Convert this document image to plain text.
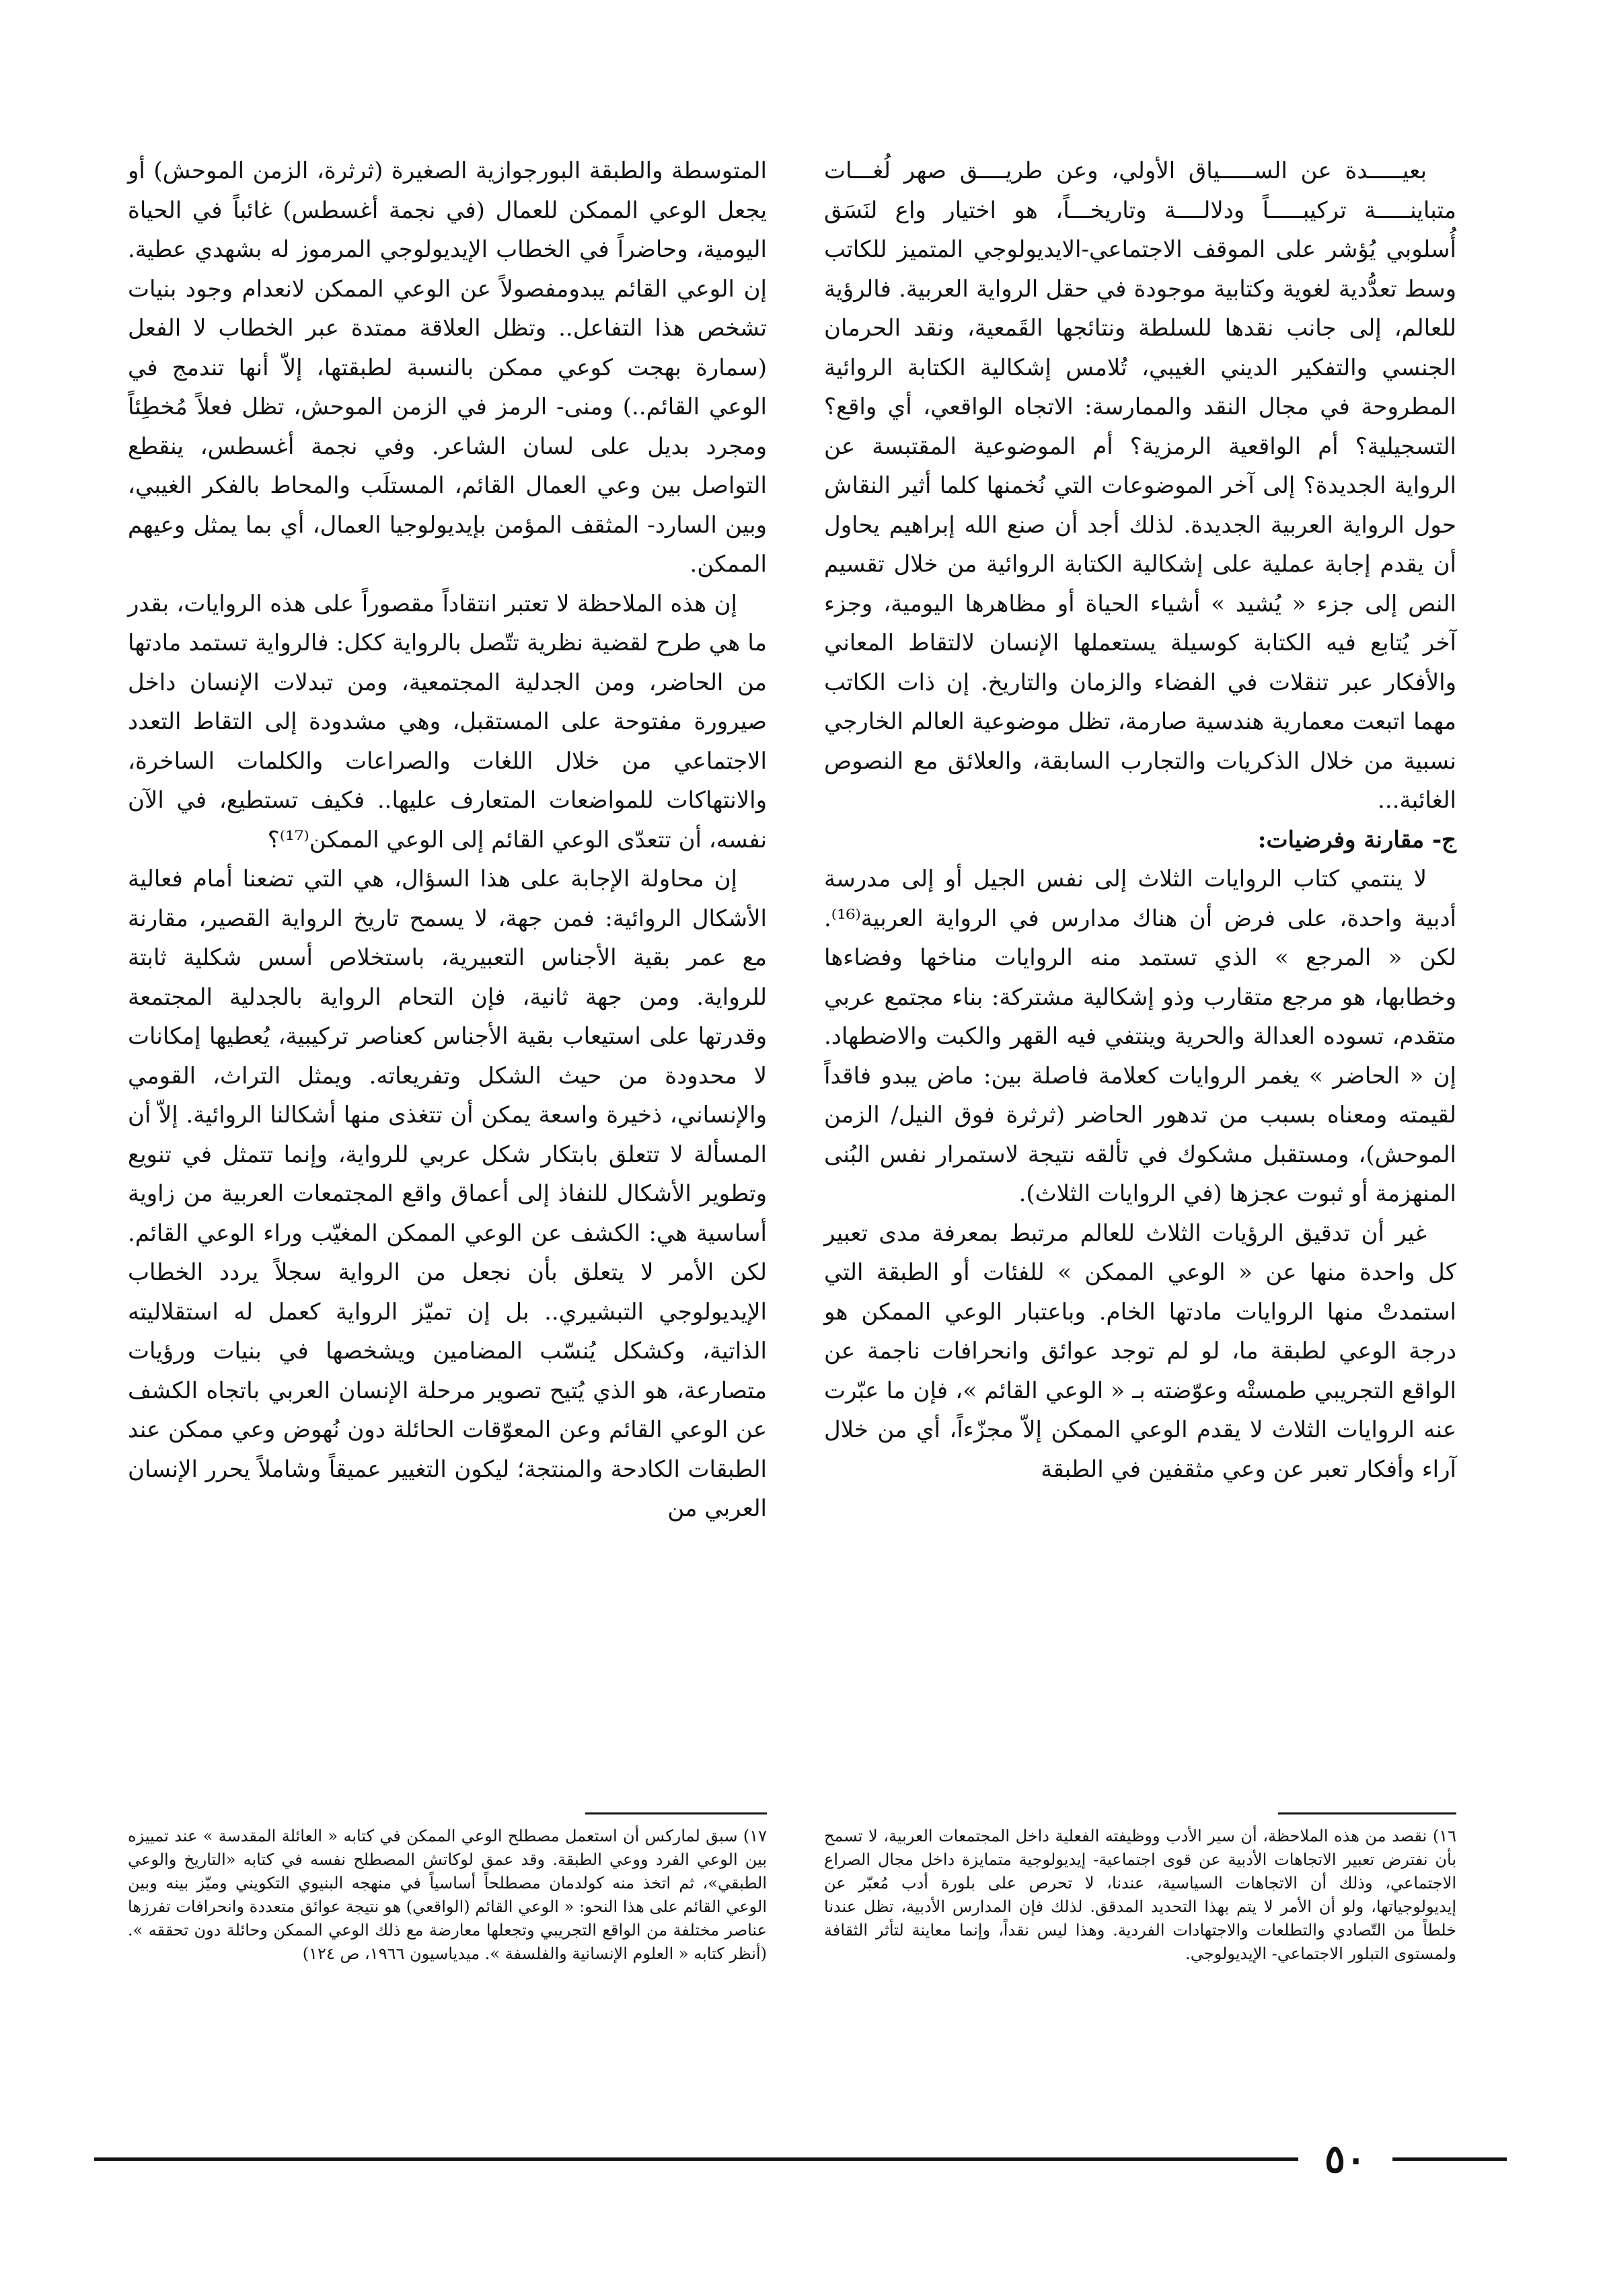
بعيـــــدة عن الســـــياق الأولي، وعن طريــــق صهر لُغـــات متباينـــــة تركيبـــــاً ودلالــــة وتاريخـــاً، هو اختيار واع لنَسَق أُسلوبي يُؤشر على الموقف الاجتماعي-الايديولوجي المتميز للكاتب وسط تعدُّدية لغوية وكتابية موجودة في حقل الرواية العربية. فالرؤية للعالم، إلى جانب نقدها للسلطة ونتائجها القَمعية، ونقد الحرمان الجنسي والتفكير الديني الغيبي، تُلامس إشكالية الكتابة الروائية المطروحة في مجال النقد والممارسة: الاتجاه الواقعي، أي واقع؟ التسجيلية؟ أم الواقعية الرمزية؟ أم الموضوعية المقتبسة عن الرواية الجديدة؟ إلى آخر الموضوعات التي نُخمنها كلما أثير النقاش حول الرواية العربية الجديدة. لذلك أجد أن صنع الله إبراهيم يحاول أن يقدم إجابة عملية على إشكالية الكتابة الروائية من خلال تقسيم النص إلى جزء « يُشيد » أشياء الحياة أو مظاهرها اليومية، وجزء آخر يُتابع فيه الكتابة كوسيلة يستعملها الإنسان لالتقاط المعاني والأفكار عبر تنقلات في الفضاء والزمان والتاريخ. إن ذات الكاتب مهما اتبعت معمارية هندسية صارمة، تظل موضوعية العالم الخارجي نسبية من خلال الذكريات والتجارب السابقة، والعلائق مع النصوص الغائبة...

ج- مقارنة وفرضيات:

لا ينتمي كتاب الروايات الثلاث إلى نفس الجيل أو إلى مدرسة أدبية واحدة، على فرض أن هناك مدارس في الرواية العربية⁽¹⁶⁾. لكن « المرجع » الذي تستمد منه الروايات مناخها وفضاءها وخطابها، هو مرجع متقارب وذو إشكالية مشتركة: بناء مجتمع عربي متقدم، تسوده العدالة والحرية وينتفي فيه القهر والكبت والاضطهاد. إن « الحاضر » يغمر الروايات كعلامة فاصلة بين: ماض يبدو فاقداً لقيمته ومعناه بسبب من تدهور الحاضر (ثرثرة فوق النيل/ الزمن الموحش)، ومستقبل مشكوك في تألقه نتيجة لاستمرار نفس البُنى المنهزمة أو ثبوت عجزها (في الروايات الثلاث).

غير أن تدقيق الرؤيات الثلاث للعالم مرتبط بمعرفة مدى تعبير كل واحدة منها عن « الوعي الممكن » للفئات أو الطبقة التي استمدتْ منها الروايات مادتها الخام. وباعتبار الوعي الممكن هو درجة الوعي لطبقة ما، لو لم توجد عوائق وانحرافات ناجمة عن الواقع التجريبي طمستْه وعوّضته بـ « الوعي القائم »، فإن ما عبّرت عنه الروايات الثلاث لا يقدم الوعي الممكن إلاّ مجزّءاً، أي من خلال آراء وأفكار تعبر عن وعي مثقفين في الطبقة

المتوسطة والطبقة البورجوازية الصغيرة (ثرثرة، الزمن الموحش) أو يجعل الوعي الممكن للعمال (في نجمة أغسطس) غائباً في الحياة اليومية، وحاضراً في الخطاب الإيديولوجي المرموز له بشهدي عطية. إن الوعي القائم يبدومفصولاً عن الوعي الممكن لانعدام وجود بنيات تشخص هذا التفاعل.. وتظل العلاقة ممتدة عبر الخطاب لا الفعل (سمارة بهجت كوعي ممكن بالنسبة لطبقتها، إلاّ أنها تندمج في الوعي القائم..) ومنى- الرمز في الزمن الموحش، تظل فعلاً مُخطِئاً ومجرد بديل على لسان الشاعر. وفي نجمة أغسطس، ينقطع التواصل بين وعي العمال القائم، المستلَب والمحاط بالفكر الغيبي، وبين السارد- المثقف المؤمن بإيديولوجيا العمال، أي بما يمثل وعيهم الممكن.

إن هذه الملاحظة لا تعتبر انتقاداً مقصوراً على هذه الروايات، بقدر ما هي طرح لقضية نظرية تتّصل بالرواية ككل: فالرواية تستمد مادتها من الحاضر، ومن الجدلية المجتمعية، ومن تبدلات الإنسان داخل صيرورة مفتوحة على المستقبل، وهي مشدودة إلى التقاط التعدد الاجتماعي من خلال اللغات والصراعات والكلمات الساخرة، والانتهاكات للمواضعات المتعارف عليها.. فكيف تستطيع، في الآن نفسه، أن تتعدّى الوعي القائم إلى الوعي الممكن⁽¹⁷⁾؟

إن محاولة الإجابة على هذا السؤال، هي التي تضعنا أمام فعالية الأشكال الروائية: فمن جهة، لا يسمح تاريخ الرواية القصير، مقارنة مع عمر بقية الأجناس التعبيرية، باستخلاص أسس شكلية ثابتة للرواية. ومن جهة ثانية، فإن التحام الرواية بالجدلية المجتمعة وقدرتها على استيعاب بقية الأجناس كعناصر تركيبية، يُعطيها إمكانات لا محدودة من حيث الشكل وتفريعاته. ويمثل التراث، القومي والإنساني، ذخيرة واسعة يمكن أن تتغذى منها أشكالنا الروائية. إلاّ أن المسألة لا تتعلق بابتكار شكل عربي للرواية، وإنما تتمثل في تنويع وتطوير الأشكال للنفاذ إلى أعماق واقع المجتمعات العربية من زاوية أساسية هي: الكشف عن الوعي الممكن المغيّب وراء الوعي القائم. لكن الأمر لا يتعلق بأن نجعل من الرواية سجلاً يردد الخطاب الإيديولوجي التبشيري.. بل إن تميّز الرواية كعمل له استقلاليته الذاتية، وكشكل يُنسّب المضامين ويشخصها في بنيات ورؤيات متصارعة، هو الذي يُتيح تصوير مرحلة الإنسان العربي باتجاه الكشف عن الوعي القائم وعن المعوّقات الحائلة دون نُهوض وعي ممكن عند الطبقات الكادحة والمنتجة؛ ليكون التغيير عميقاً وشاملاً يحرر الإنسان العربي من

١٦) نقصد من هذه الملاحظة، أن سير الأدب ووظيفته الفعلية داخل المجتمعات العربية، لا تسمح بأن نفترض تعبير الاتجاهات الأدبية عن قوى اجتماعية- إيديولوجية متمايزة داخل مجال الصراع الاجتماعي، وذلك أن الاتجاهات السياسية، عندنا، لا تحرص على بلورة أدب مُعبّر عن إيديولوجياتها، ولو أن الأمر لا يتم بهذا التحديد المدقق. لذلك فإن المدارس الأدبية، تظل عندنا خلطاً من التّصادي والتطلعات والاجتهادات الفردية. وهذا ليس نقداً، وإنما معاينة لتأثر الثقافة ولمستوى التبلور الاجتماعي- الإيديولوجي.

١٧) سبق لماركس أن استعمل مصطلح الوعي الممكن في كتابه « العائلة المقدسة » عند تمييزه بين الوعي الفرد ووعي الطبقة. وقد عمق لوكاتش المصطلح نفسه في كتابه «التاريخ والوعي الطبقي»، ثم اتخذ منه كولدمان مصطلحاً أساسياً في منهجه البنيوي التكويني وميّز بينه وبين الوعي القائم على هذا النحو: « الوعي القائم (الواقعي) هو نتيجة عوائق متعددة وانحرافات تفرزها عناصر مختلفة من الواقع التجريبي وتجعلها معارضة مع ذلك الوعي الممكن وحائلة دون تحققه ». (أنظر كتابه « العلوم الإنسانية والفلسفة ». ميدياسيون ١٩٦٦، ص ١٢٤)

٥٠
